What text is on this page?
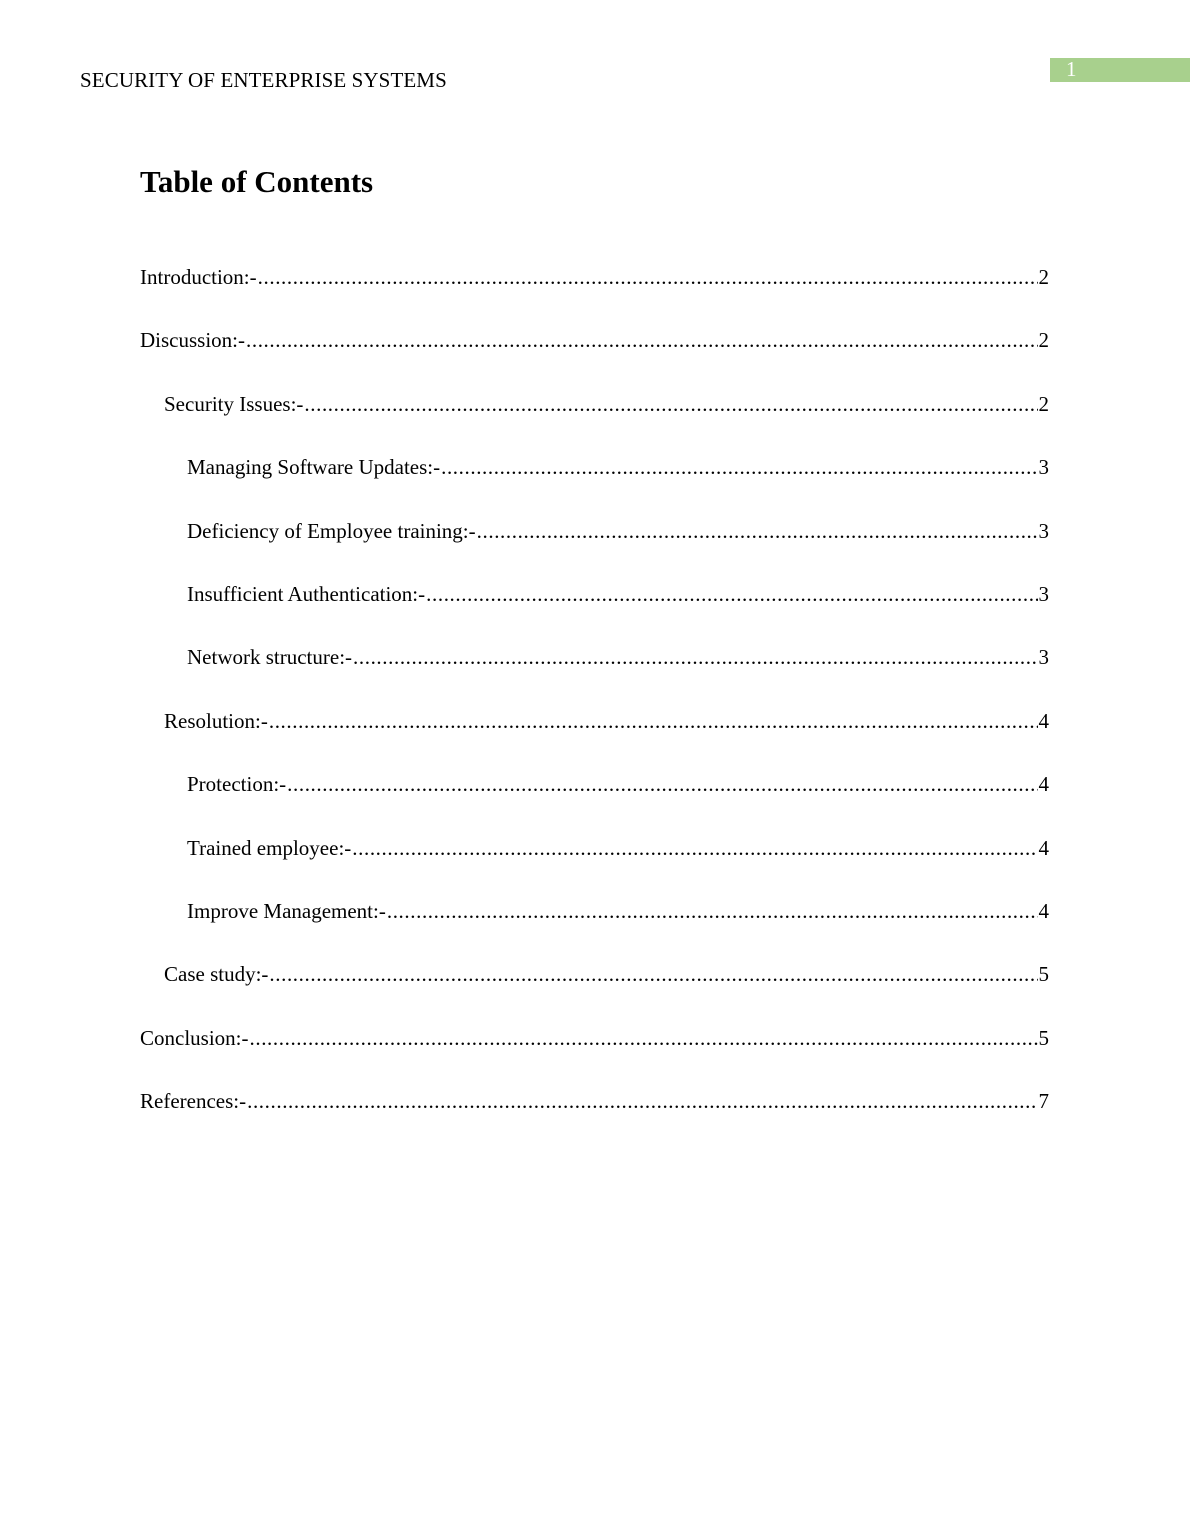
SECURITY OF ENTERPRISE SYSTEMS	1
Table of Contents
Introduction:- .....	2
Discussion:- .....	2
Security Issues:- .....	2
Managing Software Updates:- .....	3
Deficiency of Employee training:- .....	3
Insufficient Authentication:- .....	3
Network structure:- .....	3
Resolution:- .....	4
Protection:- .....	4
Trained employee:- .....	4
Improve Management:- .....	4
Case study:- .....	5
Conclusion:- .....	5
References:- .....	7
